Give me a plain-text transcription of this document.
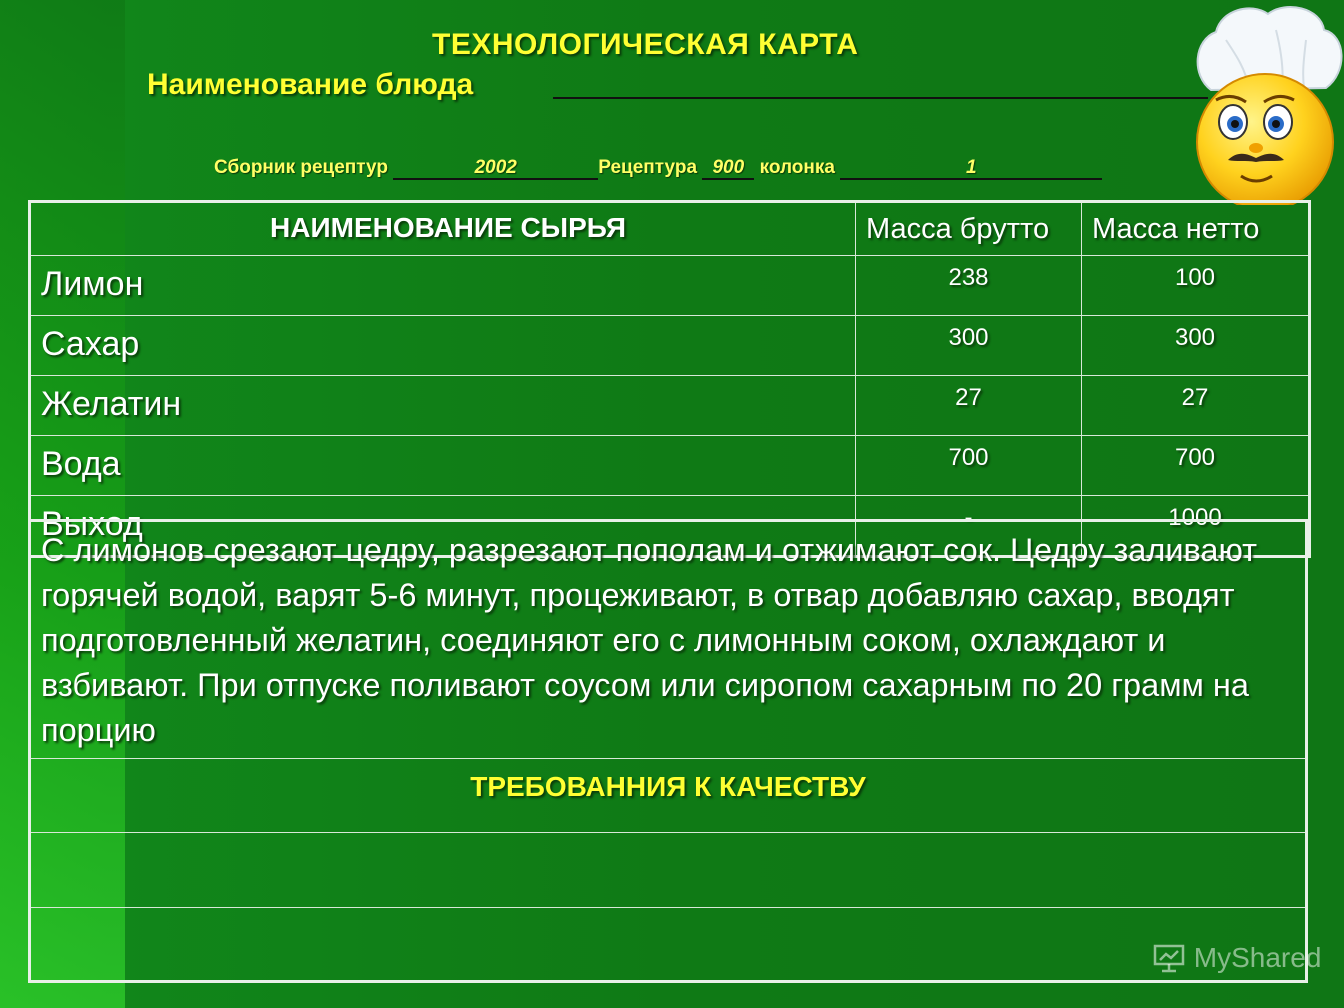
ТЕХНОЛОГИЧЕСКАЯ КАРТА
Наименование блюда
Сборник рецептур	2002	Рецептура 900 колонка	1
НАИМЕНОВАНИЕ СЫРЬЯ	Масса брутто	Масса нетто
Лимон	238	100
Сахар	300	300
Желатин	27	27
Вода	700	700
Выход	-	1000
С лимонов срезают цедру, разрезают пополам и отжимают сок. Цедру заливают горячей водой, варят 5-6 минут, процеживают, в отвар добавляю сахар, вводят подготовленный желатин, соединяют его с лимонным соком, охлаждают и взбивают. При отпуске поливают соусом или сиропом сахарным по 20 грамм на порцию
ТРЕБОВАННИЯ К КАЧЕСТВУ

MyShared
